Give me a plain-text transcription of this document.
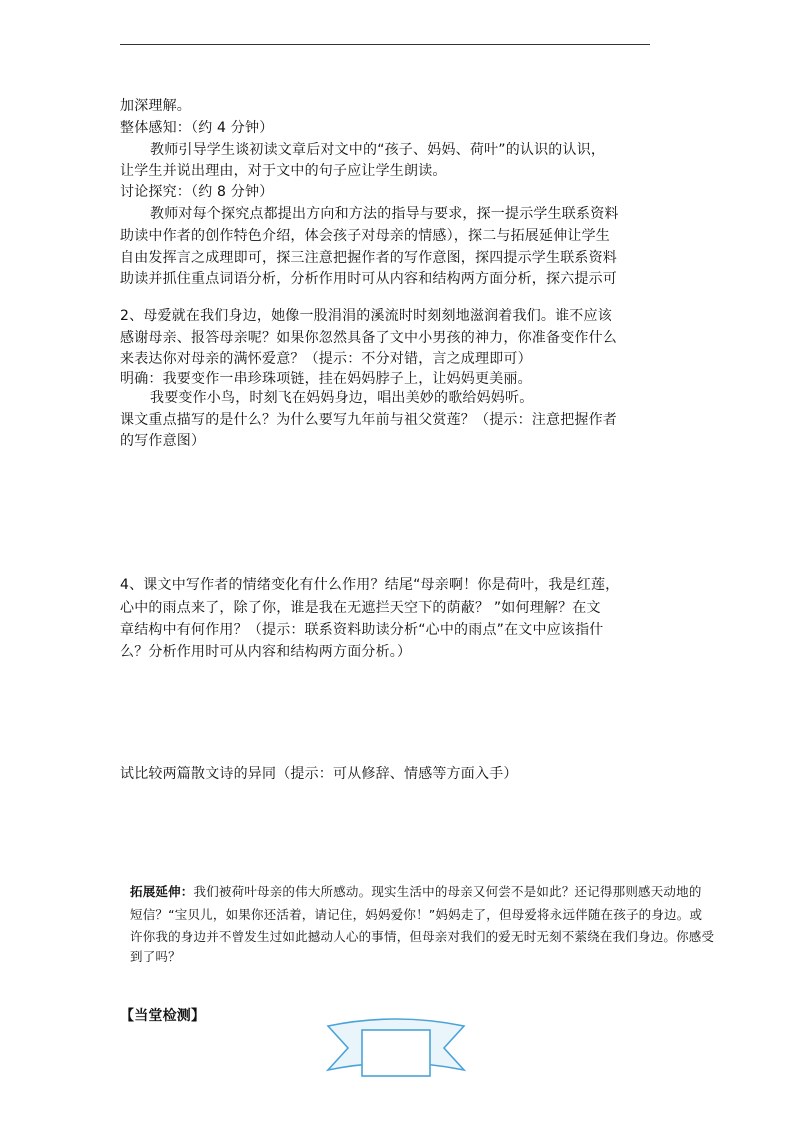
加深理解。
整体感知：（约 4 分钟）
教师引导学生谈初读文章后对文中的“孩子、妈妈、荷叶”的认识的认识，
让学生并说出理由，对于文中的句子应让学生朗读。
讨论探究：（约 8 分钟）
教师对每个探究点都提出方向和方法的指导与要求，探一提示学生联系资料
助读中作者的创作特色介绍，体会孩子对母亲的情感），探二与拓展延伸让学生
自由发挥言之成理即可，探三注意把握作者的写作意图，探四提示学生联系资料
助读并抓住重点词语分析，分析作用时可从内容和结构两方面分析，探六提示可
2、母爱就在我们身边，她像一股涓涓的溪流时时刻刻地滋润着我们。谁不应该
感谢母亲、报答母亲呢？如果你忽然具备了文中小男孩的神力，你准备变作什么
来表达你对母亲的满怀爱意？（提示：不分对错，言之成理即可）
明确：我要变作一串珍珠项链，挂在妈妈脖子上，让妈妈更美丽。
我要变作小鸟，时刻飞在妈妈身边，唱出美妙的歌给妈妈听。
课文重点描写的是什么？为什么要写九年前与祖父赏莲？（提示：注意把握作者
的写作意图）
4、课文中写作者的情绪变化有什么作用？结尾“母亲啊！你是荷叶，我是红莲，
心中的雨点来了，除了你，谁是我在无遮拦天空下的荫蔽？ ”如何理解？在文
章结构中有何作用？（提示：联系资料助读分析“心中的雨点”在文中应该指什
么？分析作用时可从内容和结构两方面分析。）
试比较两篇散文诗的异同（提示：可从修辞、情感等方面入手）
拓展延伸：我们被荷叶母亲的伟大所感动。现实生活中的母亲又何尝不是如此？还记得那则感天动地的
短信？“宝贝儿，如果你还活着，请记住，妈妈爱你！”妈妈走了，但母爱将永远伴随在孩子的身边。或
许你我的身边并不曾发生过如此撼动人心的事情，但母亲对我们的爱无时无刻不萦绕在我们身边。你感受
到了吗？
【当堂检测】
